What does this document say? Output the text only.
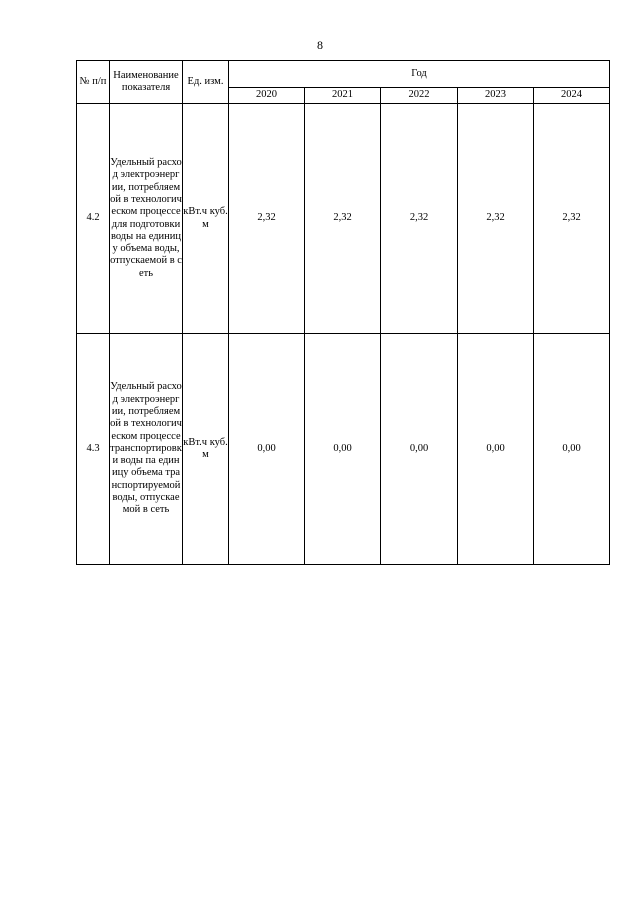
8
№ п/п	Наименование показателя	Ед. изм.	Год				
			2020	2021	2022	2023	2024
4.2	Удельный расход электроэнергии, потребляемой в технологическом процессе для подготовки воды на единицу объема воды, отпускаемой в сеть	кВт.ч куб.м	2,32	2,32	2,32	2,32	2,32
4.3	Удельный расход электроэнергии, потребляемой в технологическом процессе транспортировки воды па единицу объема транспортируемой воды, отпускаемой в сеть	кВт.ч куб.м	0,00	0,00	0,00	0,00	0,00
